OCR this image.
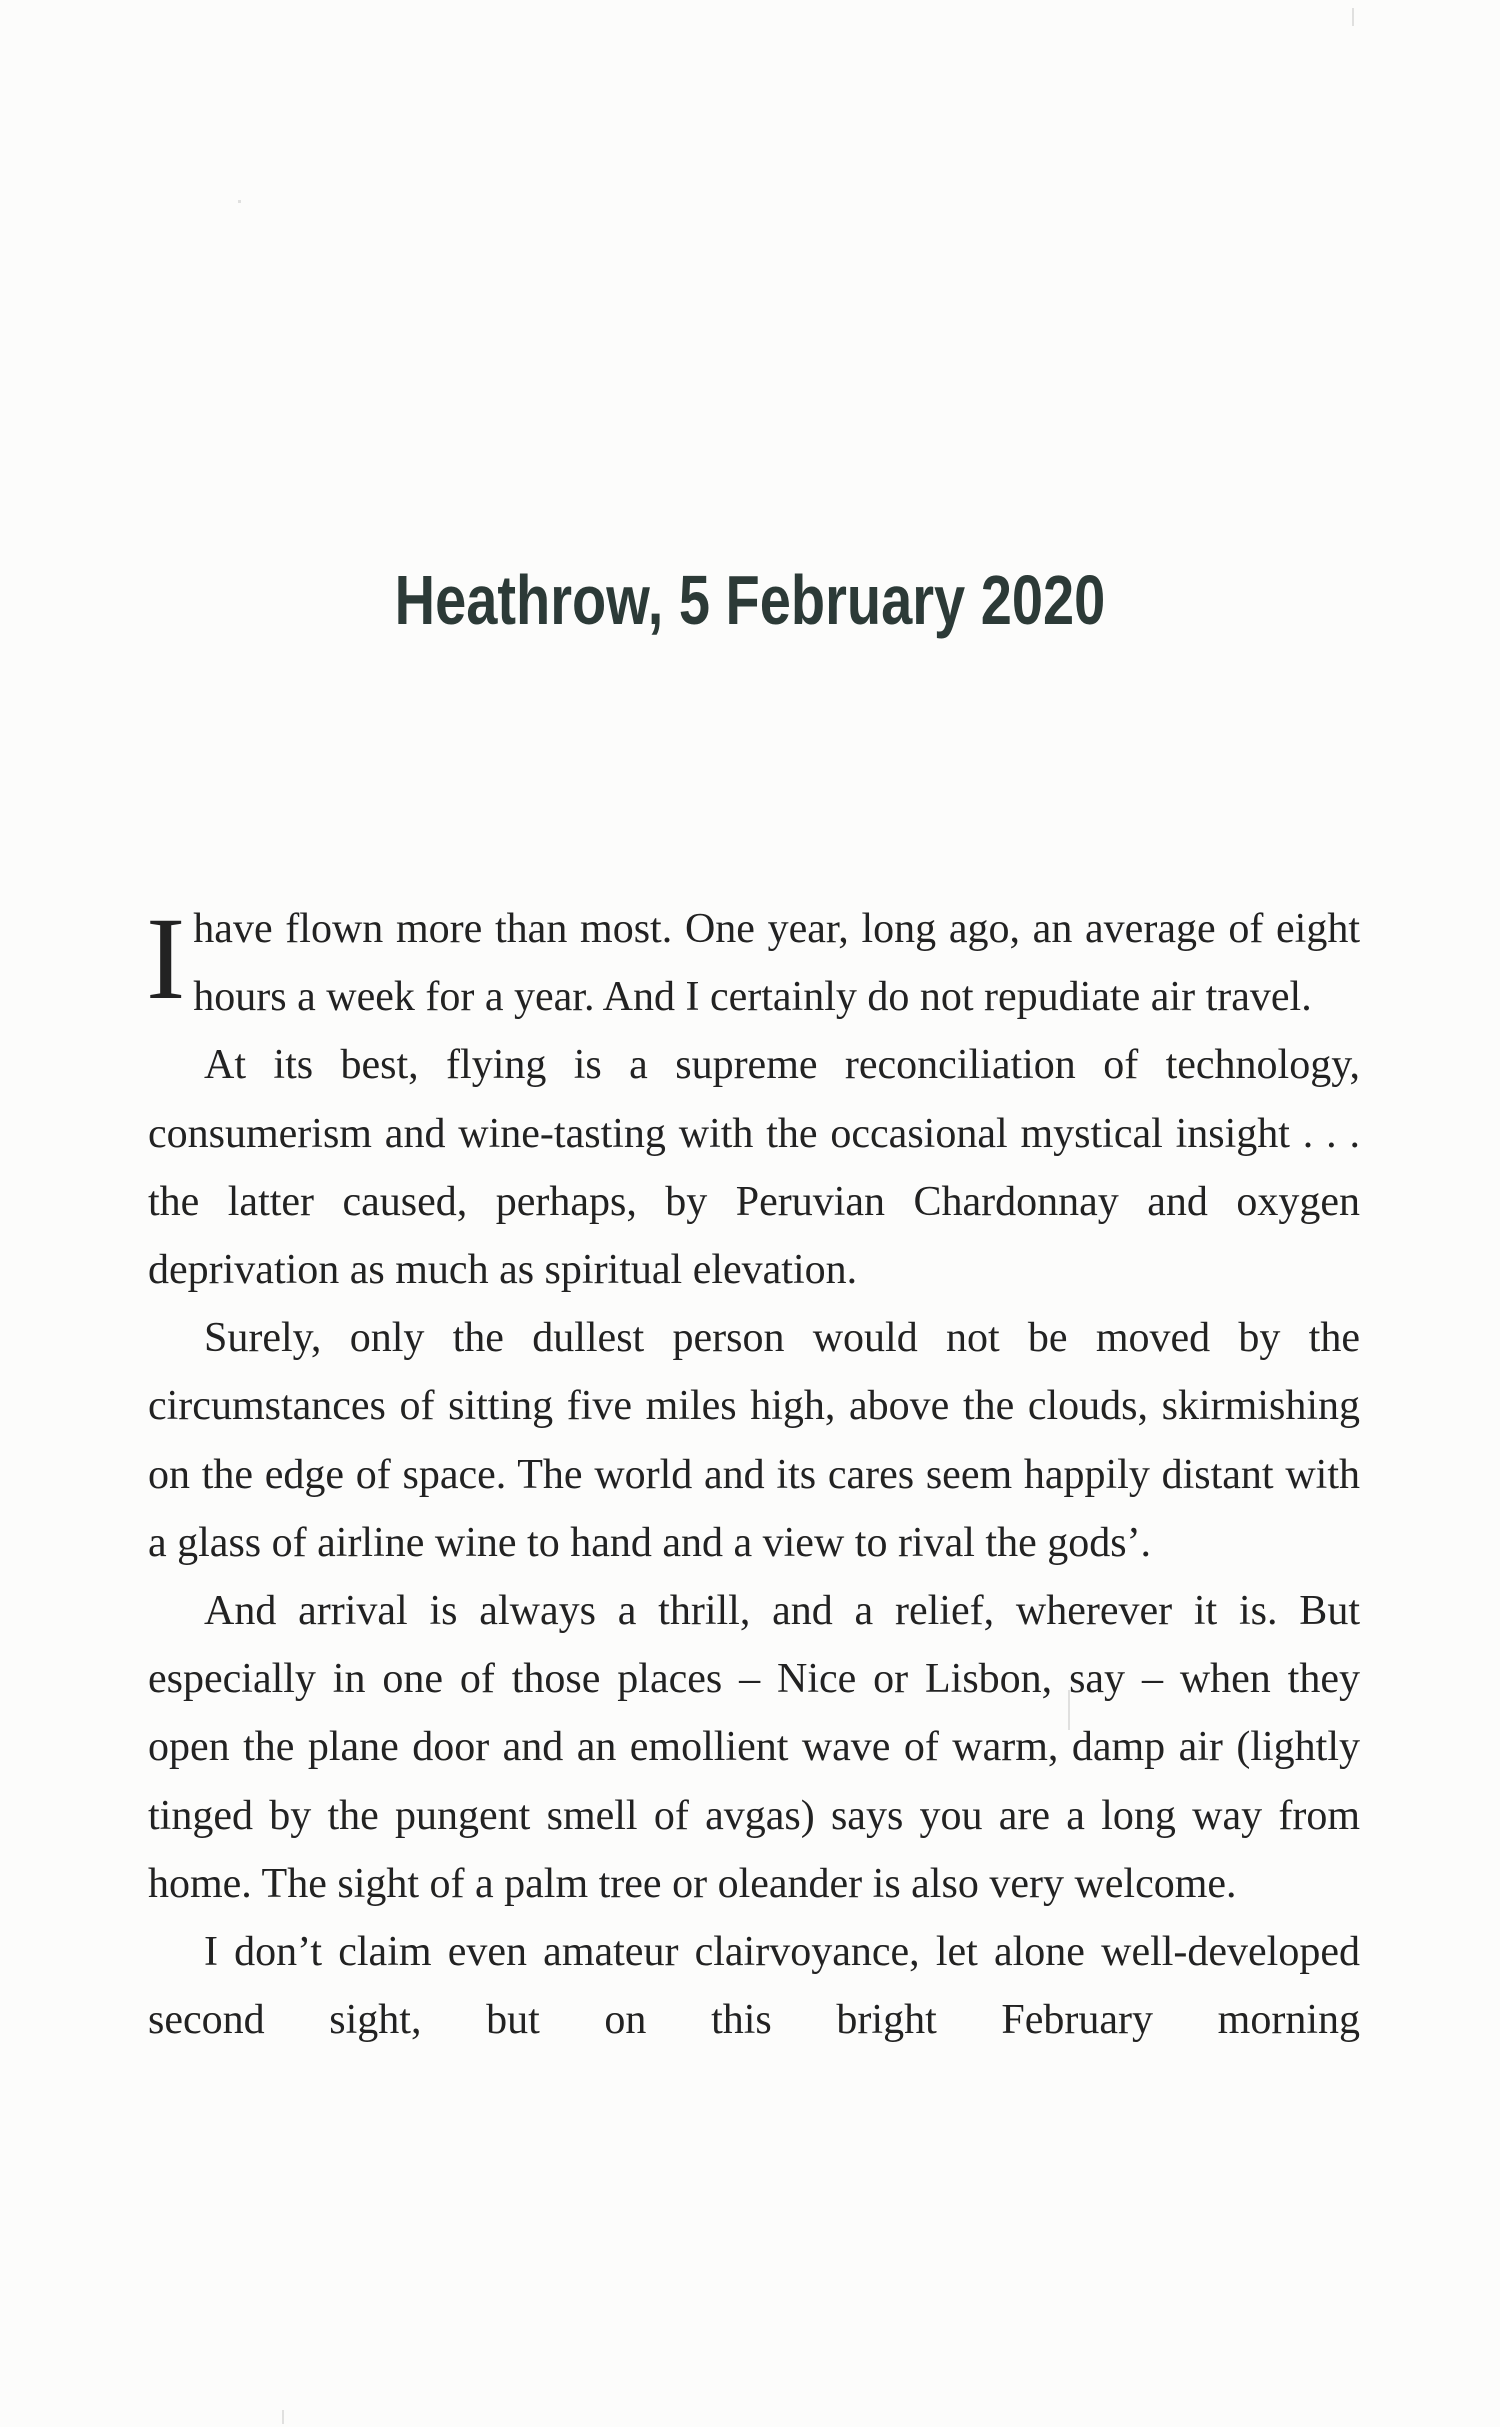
Heathrow, 5 February 2020

I have flown more than most. One year, long ago, an average of eight hours a week for a year. And I certainly do not repudiate air travel.

At its best, flying is a supreme reconciliation of technology, consumerism and wine-tasting with the occasional mystical insight . . . the latter caused, perhaps, by Peruvian Chardonnay and oxygen deprivation as much as spiritual elevation.

Surely, only the dullest person would not be moved by the circumstances of sitting five miles high, above the clouds, skirmishing on the edge of space. The world and its cares seem happily distant with a glass of airline wine to hand and a view to rival the gods’.

And arrival is always a thrill, and a relief, wherever it is. But especially in one of those places – Nice or Lisbon, say – when they open the plane door and an emollient wave of warm, damp air (lightly tinged by the pungent smell of avgas) says you are a long way from home. The sight of a palm tree or oleander is also very welcome.

I don’t claim even amateur clairvoyance, let alone well-developed second sight, but on this bright February morning
